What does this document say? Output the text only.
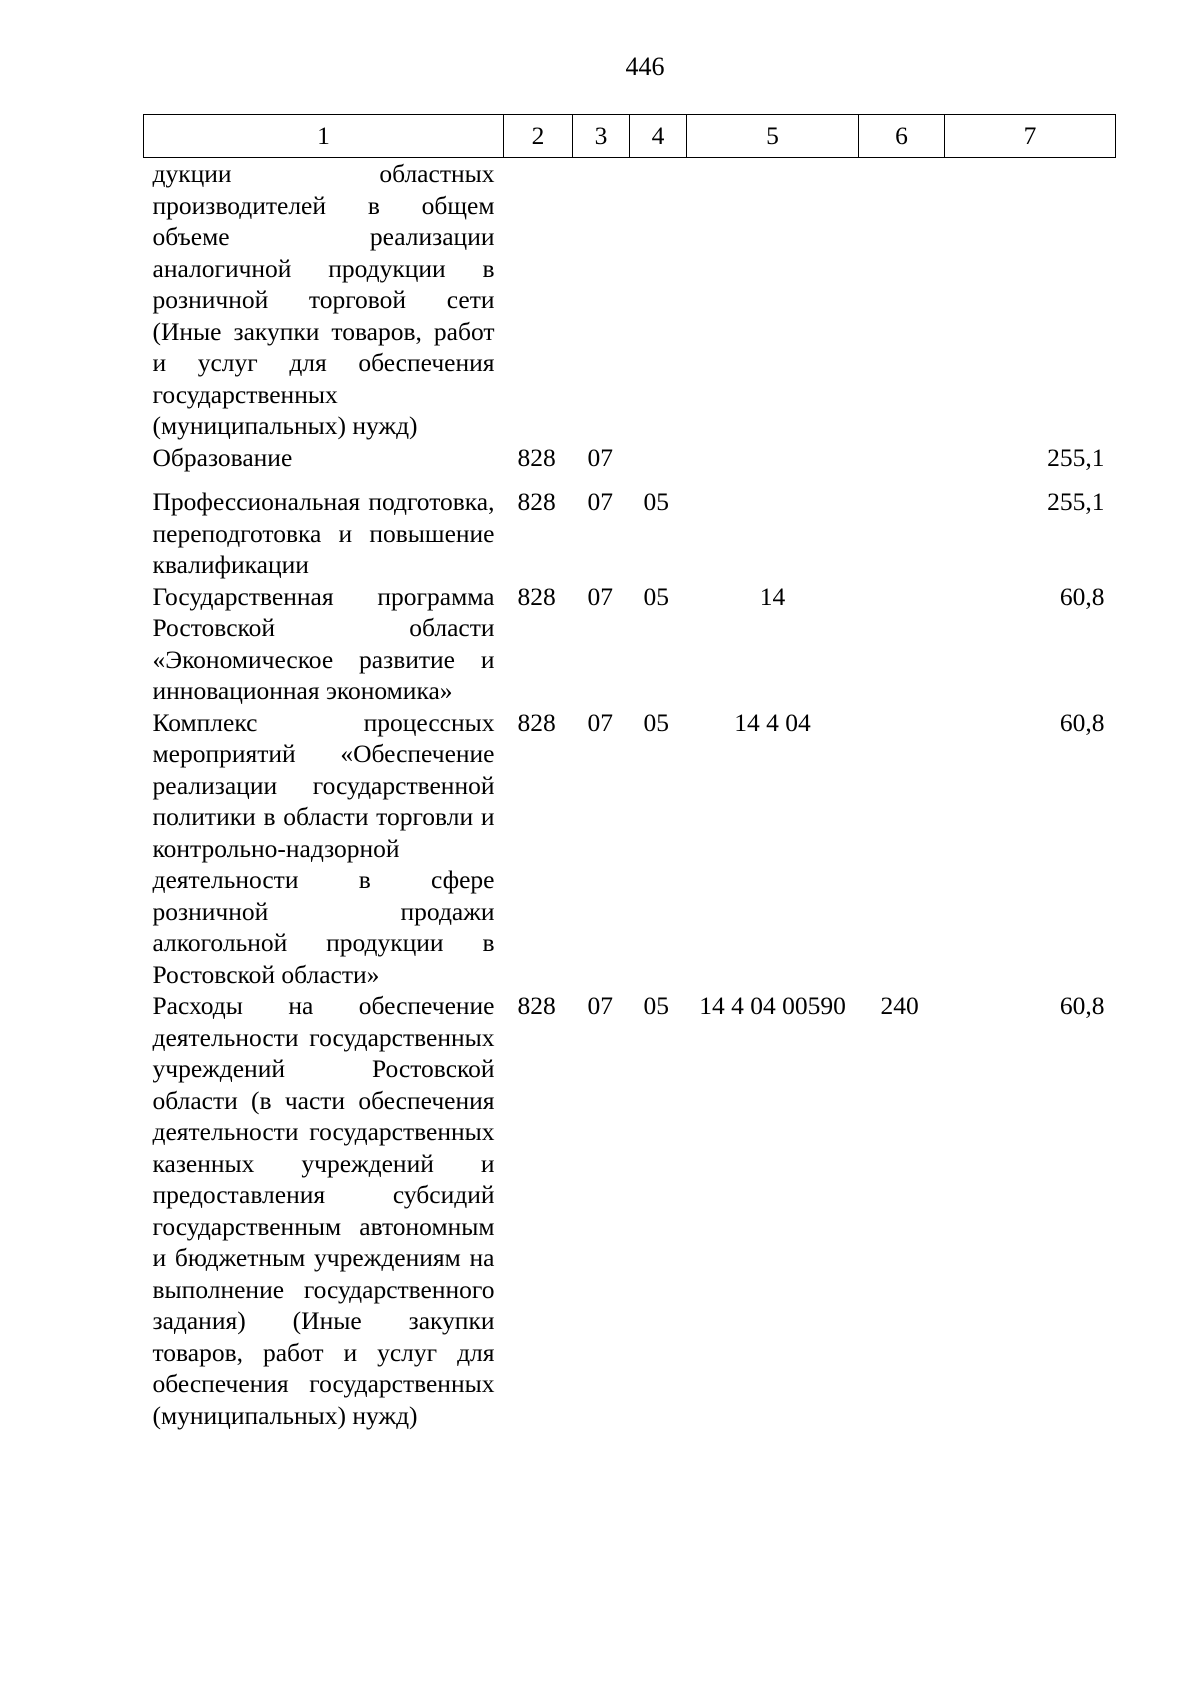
446
1	2	3	4	5	6	7
дукции областных производителей в общем объеме реализации аналогичной продукции в розничной торговой сети (Иные закупки товаров, работ и услуг для обеспечения государственных (муниципальных) нужд)						
Образование	828	07				255,1
Профессиональная подготовка, переподготовка и повышение квалификации	828	07	05			255,1
Государственная программа Ростовской области «Экономическое развитие и инновационная экономика»	828	07	05	14		60,8
Комплекс процессных мероприятий «Обеспечение реализации государственной политики в области торговли и контрольно-надзорной деятельности в сфере розничной продажи алкогольной продукции в Ростовской области»	828	07	05	14 4 04		60,8
Расходы на обеспечение деятельности государственных учреждений Ростовской области (в части обеспечения деятельности государственных казенных учреждений и предоставления субсидий государственным автономным и бюджетным учреждениям на выполнение государственного задания) (Иные закупки товаров, работ и услуг для обеспечения государственных (муниципальных) нужд)	828	07	05	14 4 04 00590	240	60,8
